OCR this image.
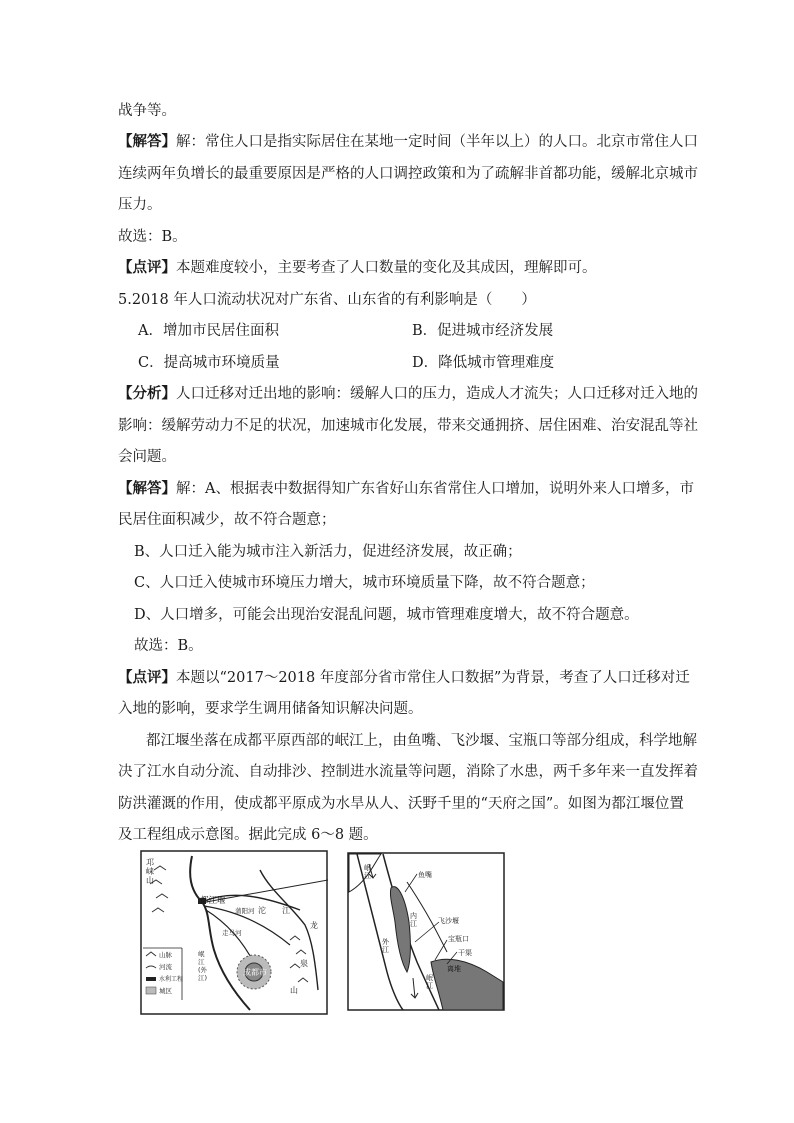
战争等。
【解答】解：常住人口是指实际居住在某地一定时间（半年以上）的人口。北京市常住人口
连续两年负增长的最重要原因是严格的人口调控政策和为了疏解非首都功能，缓解北京城市
压力。
故选：B。
【点评】本题难度较小，主要考查了人口数量的变化及其成因，理解即可。
5.2018 年人口流动状况对广东省、山东省的有利影响是（　　）
A．增加市民居住面积	B．促进城市经济发展
C．提高城市环境质量	D．降低城市管理难度
【分析】人口迁移对迁出地的影响：缓解人口的压力，造成人才流失；人口迁移对迁入地的
影响：缓解劳动力不足的状况，加速城市化发展，带来交通拥挤、居住困难、治安混乱等社
会问题。
【解答】解：A、根据表中数据得知广东省好山东省常住人口增加，说明外来人口增多，市
民居住面积减少，故不符合题意；
B、人口迁入能为城市注入新活力，促进经济发展，故正确；
C、人口迁入使城市环境压力增大，城市环境质量下降，故不符合题意；
D、人口增多，可能会出现治安混乱问题，城市管理难度增大，故不符合题意。
故选：B。
【点评】本题以“2017～2018 年度部分省市常住人口数据”为背景，考查了人口迁移对迁
入地的影响，要求学生调用储备知识解决问题。
都江堰坐落在成都平原西部的岷江上，由鱼嘴、飞沙堰、宝瓶口等部分组成，科学地解
决了江水自动分流、自动排沙、控制进水流量等问题，消除了水患，两千多年来一直发挥着
防洪灌溉的作用，使成都平原成为水旱从人、沃野千里的“天府之国”。如图为都江堰位置
及工程组成示意图。据此完成 6～8 题。
都江堰
成都市
邛崃山
沱　　江
龙
泉
山
蒲阳河
走马河
岷江(外江)
山脉
河流
水利工程
城区
鱼嘴
飞沙堰
宝瓶口
干渠
离堆
岷江
内江
外江
岷江
